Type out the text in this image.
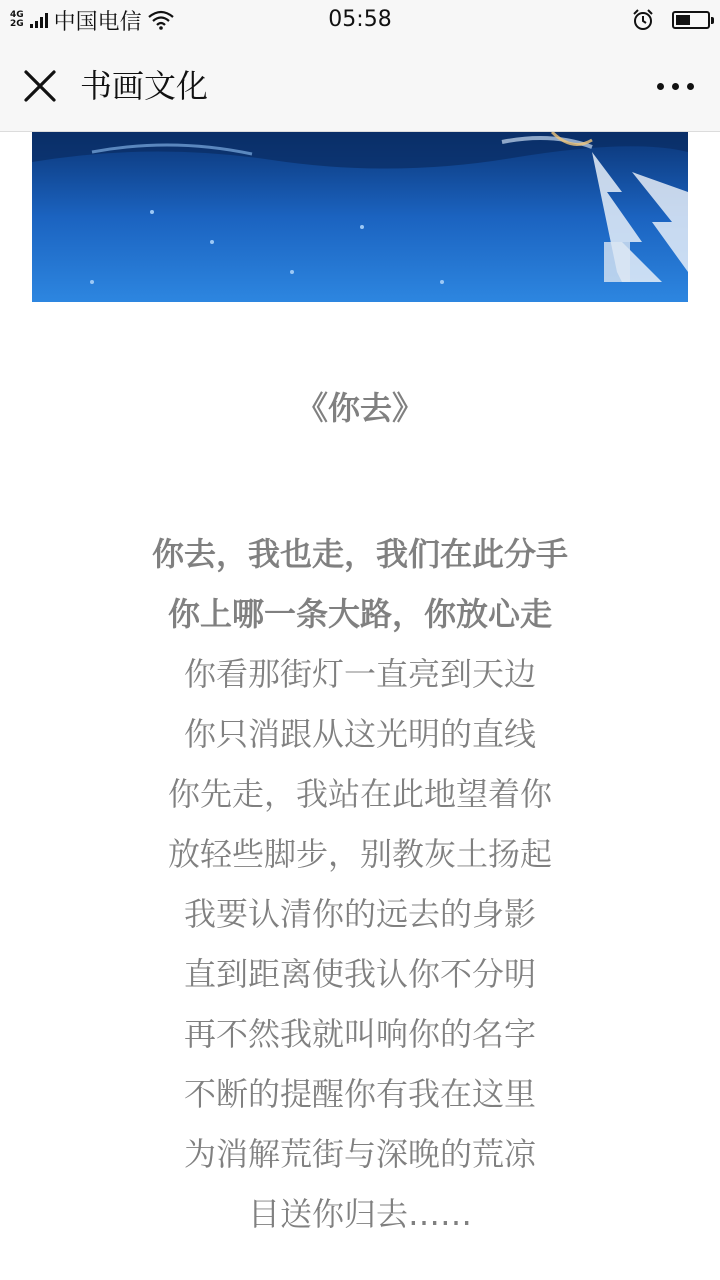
4G
2G 中国电信	05:58
书画文化

《你去》

你去，我也走，我们在此分手

你上哪一条大路，你放心走

你看那街灯一直亮到天边

你只消跟从这光明的直线

你先走，我站在此地望着你

放轻些脚步，别教灰土扬起

我要认清你的远去的身影

直到距离使我认你不分明

再不然我就叫响你的名字

不断的提醒你有我在这里

为消解荒街与深晚的荒凉

目送你归去……
